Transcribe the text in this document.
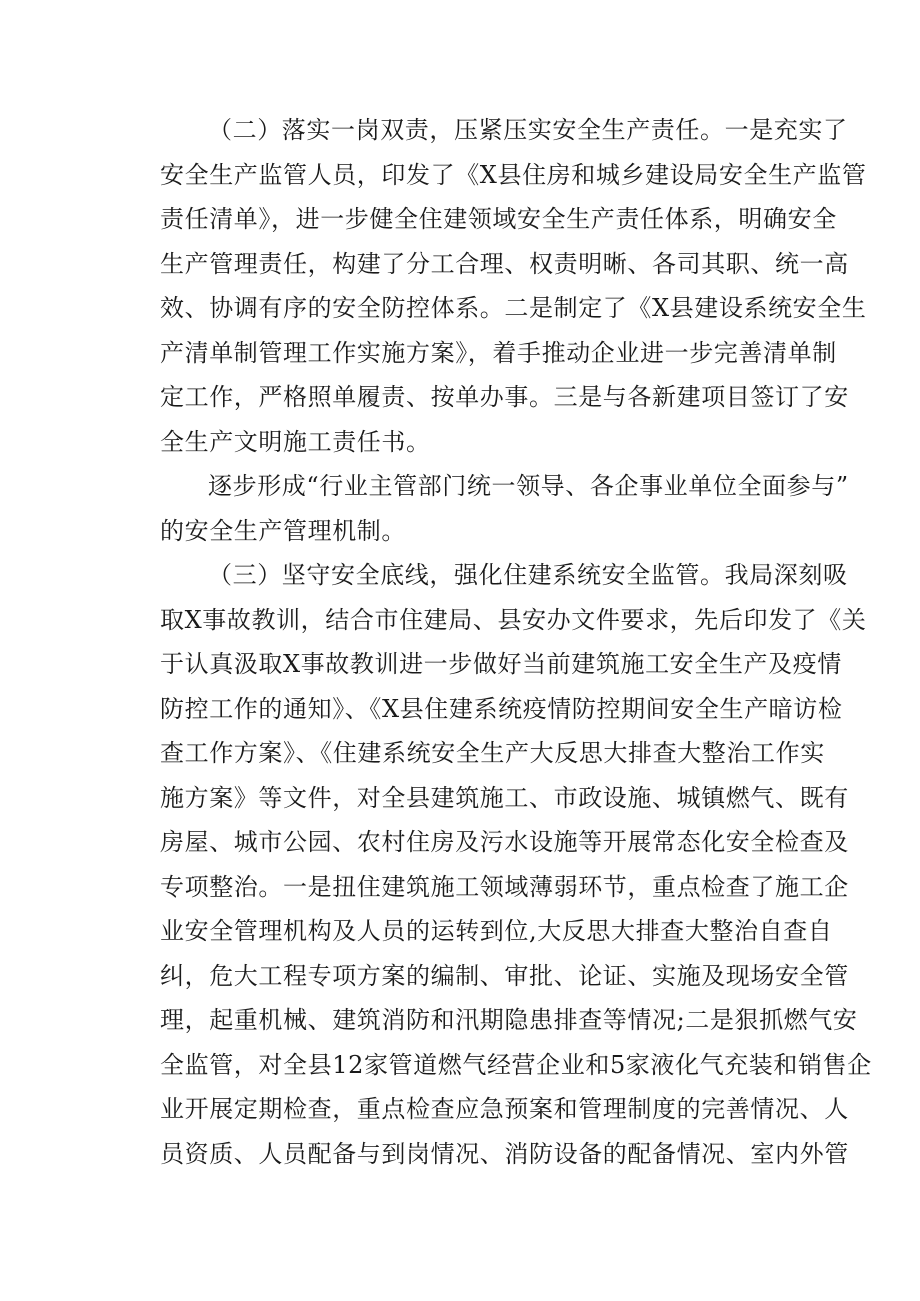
（二）落实一岗双责，压紧压实安全生产责任。一是充实了
安全生产监管人员，印发了《X县住房和城乡建设局安全生产监管
责任清单》，进一步健全住建领域安全生产责任体系，明确安全
生产管理责任，构建了分工合理、权责明晰、各司其职、统一高
效、协调有序的安全防控体系。二是制定了《X县建设系统安全生
产清单制管理工作实施方案》，着手推动企业进一步完善清单制
定工作，严格照单履责、按单办事。三是与各新建项目签订了安
全生产文明施工责任书。
逐步形成“行业主管部门统一领导、各企事业单位全面参与”
的安全生产管理机制。
（三）坚守安全底线，强化住建系统安全监管。我局深刻吸
取X事故教训，结合市住建局、县安办文件要求，先后印发了《关
于认真汲取X事故教训进一步做好当前建筑施工安全生产及疫情
防控工作的通知》、《X县住建系统疫情防控期间安全生产暗访检
查工作方案》、《住建系统安全生产大反思大排查大整治工作实
施方案》等文件，对全县建筑施工、市政设施、城镇燃气、既有
房屋、城市公园、农村住房及污水设施等开展常态化安全检查及
专项整治。一是扭住建筑施工领域薄弱环节，重点检查了施工企
业安全管理机构及人员的运转到位,大反思大排查大整治自查自
纠，危大工程专项方案的编制、审批、论证、实施及现场安全管
理，起重机械、建筑消防和汛期隐患排查等情况;二是狠抓燃气安
全监管，对全县12家管道燃气经营企业和5家液化气充装和销售企
业开展定期检查，重点检查应急预案和管理制度的完善情况、人
员资质、人员配备与到岗情况、消防设备的配备情况、室内外管
